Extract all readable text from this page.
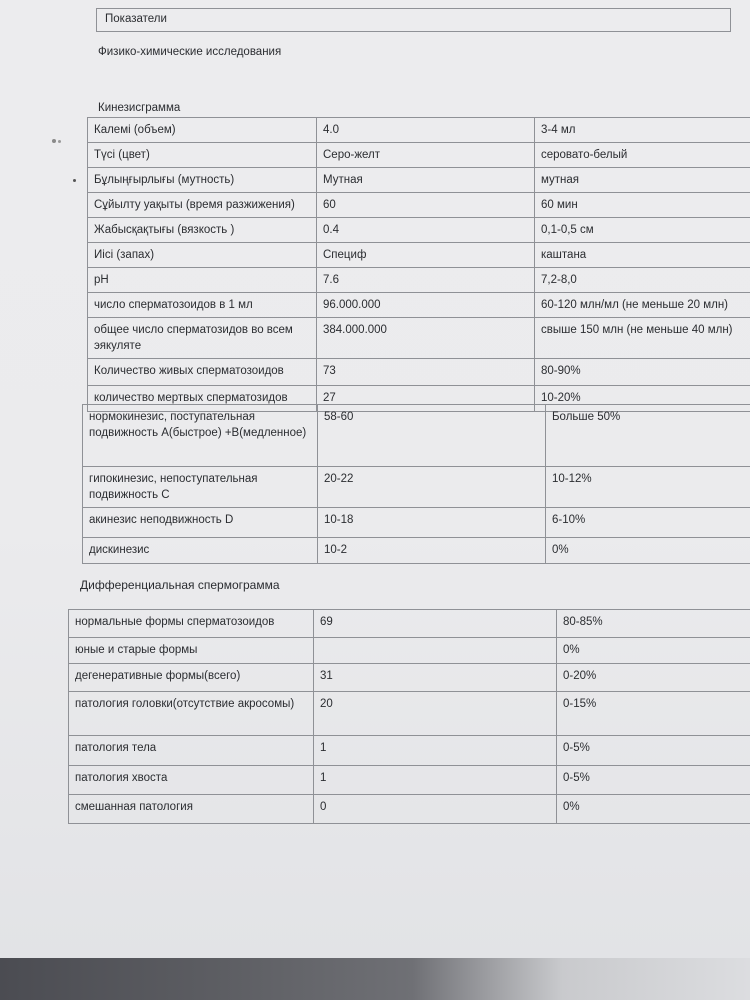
Показатели
Физико-химические исследования
Кинезисграмма
Калемі (объем)	4.0	3-4 мл
Түсі (цвет)	Серо-желт	серовато-белый
Бұлыңғырлығы (мутность)	Мутная	мутная
Сұйылту уақыты (время разжижения)	60	60 мин
Жабысқақтығы (вязкость )	0.4	0,1-0,5 см
Иісі (запах)	Специф	каштана
pH	7.6	7,2-8,0
число сперматозоидов в 1 мл	96.000.000	60-120 млн/мл (не меньше 20 млн)
общее число сперматозидов во всем эякуляте	384.000.000	свыше 150 млн (не меньше 40 млн)
Количество живых сперматозоидов	73	80-90%
количество мертвых сперматозидов	27	10-20%
нормокинезис, поступательная подвижность А(быстрое) +В(медленное)	58-60	Больше 50%
гипокинезис, непоступательная подвижность С	20-22	10-12%
акинезис неподвижность D	10-18	6-10%
дискинезис	10-2	0%
Дифференциальная спермограмма
нормальные формы сперматозоидов	69	80-85%
юные и старые формы		0%
дегенеративные формы(всего)	31	0-20%
патология головки(отсутствие акросомы)	20	0-15%
патология тела	1	0-5%
патология хвоста	1	0-5%
смешанная патология	0	0%
